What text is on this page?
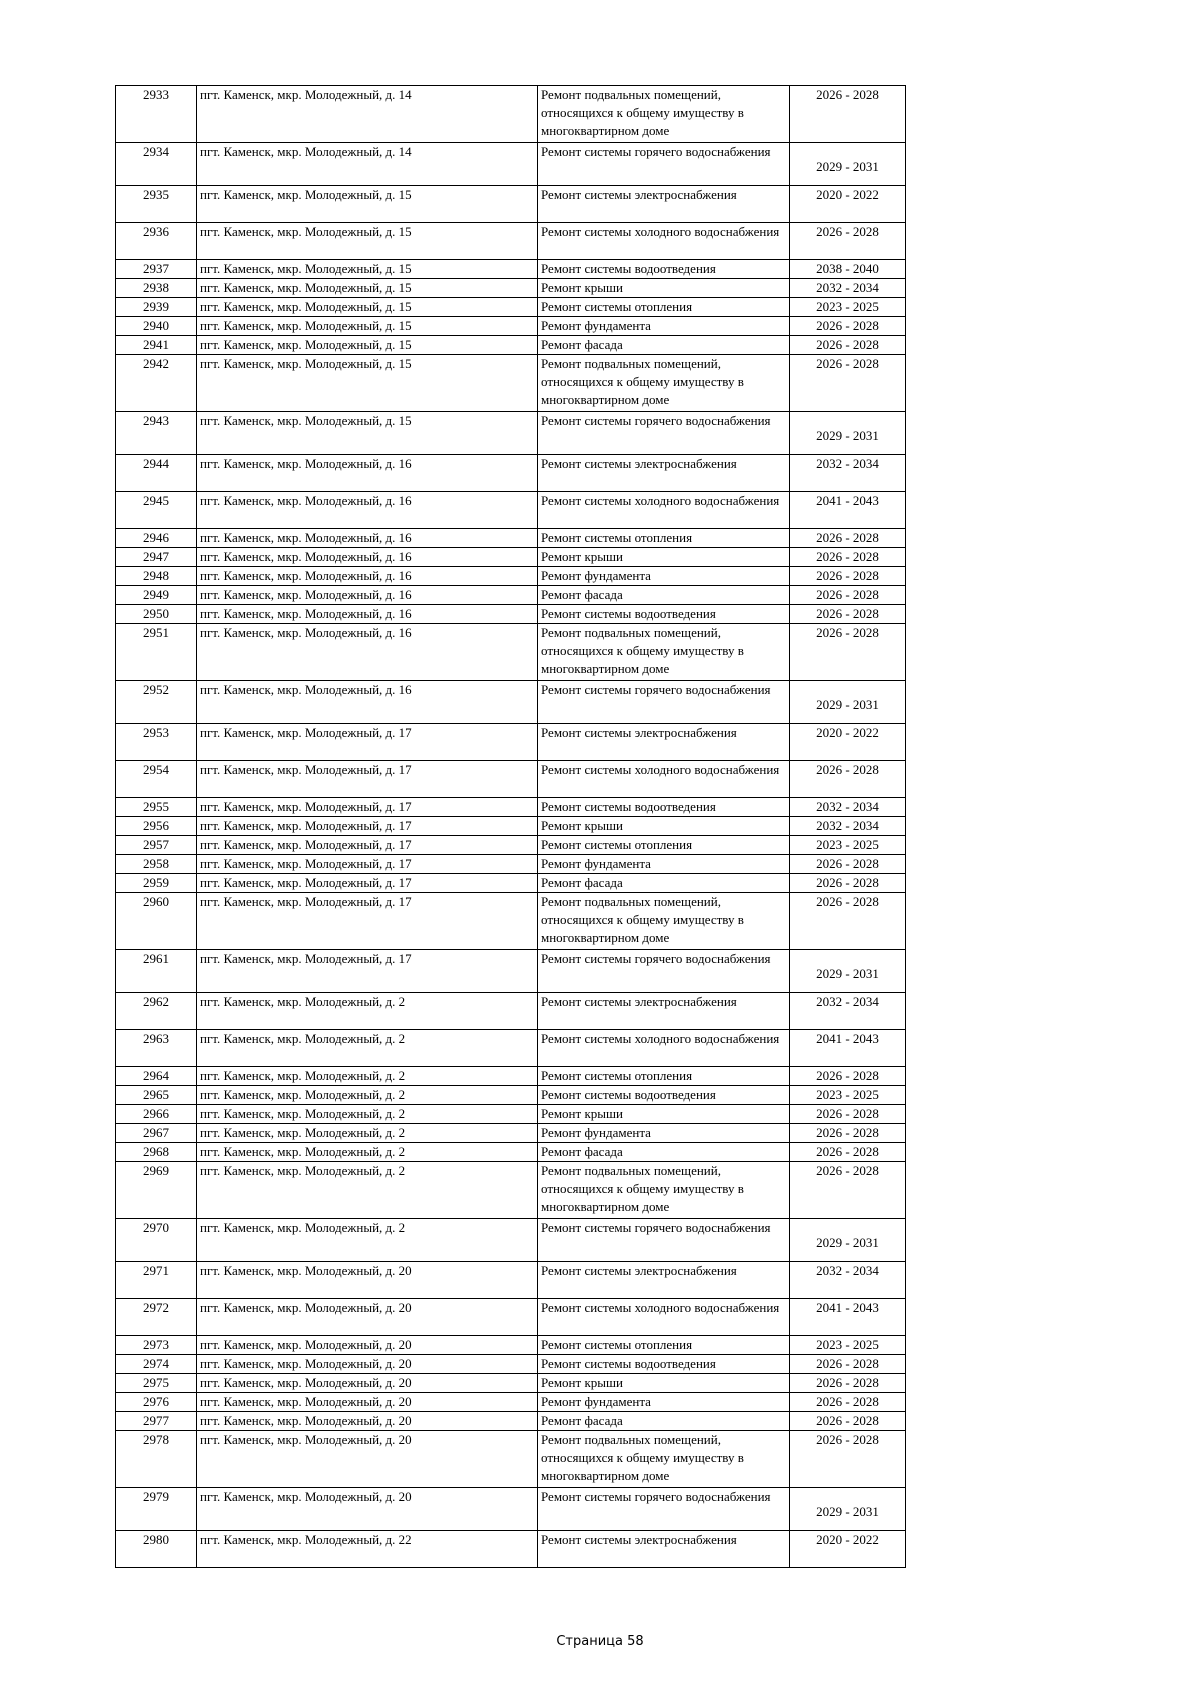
2933	пгт. Каменск, мкр. Молодежный, д. 14	Ремонт подвальных помещений, относящихся к общему имуществу в многоквартирном доме	2026 - 2028
2934	пгт. Каменск, мкр. Молодежный, д. 14	Ремонт системы горячего водоснабжения	2029 - 2031
2935	пгт. Каменск, мкр. Молодежный, д. 15	Ремонт системы электроснабжения	2020 - 2022
2936	пгт. Каменск, мкр. Молодежный, д. 15	Ремонт системы холодного водоснабжения	2026 - 2028
2937	пгт. Каменск, мкр. Молодежный, д. 15	Ремонт системы водоотведения	2038 - 2040
2938	пгт. Каменск, мкр. Молодежный, д. 15	Ремонт крыши	2032 - 2034
2939	пгт. Каменск, мкр. Молодежный, д. 15	Ремонт системы отопления	2023 - 2025
2940	пгт. Каменск, мкр. Молодежный, д. 15	Ремонт фундамента	2026 - 2028
2941	пгт. Каменск, мкр. Молодежный, д. 15	Ремонт фасада	2026 - 2028
2942	пгт. Каменск, мкр. Молодежный, д. 15	Ремонт подвальных помещений, относящихся к общему имуществу в многоквартирном доме	2026 - 2028
2943	пгт. Каменск, мкр. Молодежный, д. 15	Ремонт системы горячего водоснабжения	2029 - 2031
2944	пгт. Каменск, мкр. Молодежный, д. 16	Ремонт системы электроснабжения	2032 - 2034
2945	пгт. Каменск, мкр. Молодежный, д. 16	Ремонт системы холодного водоснабжения	2041 - 2043
2946	пгт. Каменск, мкр. Молодежный, д. 16	Ремонт системы отопления	2026 - 2028
2947	пгт. Каменск, мкр. Молодежный, д. 16	Ремонт крыши	2026 - 2028
2948	пгт. Каменск, мкр. Молодежный, д. 16	Ремонт фундамента	2026 - 2028
2949	пгт. Каменск, мкр. Молодежный, д. 16	Ремонт фасада	2026 - 2028
2950	пгт. Каменск, мкр. Молодежный, д. 16	Ремонт системы водоотведения	2026 - 2028
2951	пгт. Каменск, мкр. Молодежный, д. 16	Ремонт подвальных помещений, относящихся к общему имуществу в многоквартирном доме	2026 - 2028
2952	пгт. Каменск, мкр. Молодежный, д. 16	Ремонт системы горячего водоснабжения	2029 - 2031
2953	пгт. Каменск, мкр. Молодежный, д. 17	Ремонт системы электроснабжения	2020 - 2022
2954	пгт. Каменск, мкр. Молодежный, д. 17	Ремонт системы холодного водоснабжения	2026 - 2028
2955	пгт. Каменск, мкр. Молодежный, д. 17	Ремонт системы водоотведения	2032 - 2034
2956	пгт. Каменск, мкр. Молодежный, д. 17	Ремонт крыши	2032 - 2034
2957	пгт. Каменск, мкр. Молодежный, д. 17	Ремонт системы отопления	2023 - 2025
2958	пгт. Каменск, мкр. Молодежный, д. 17	Ремонт фундамента	2026 - 2028
2959	пгт. Каменск, мкр. Молодежный, д. 17	Ремонт фасада	2026 - 2028
2960	пгт. Каменск, мкр. Молодежный, д. 17	Ремонт подвальных помещений, относящихся к общему имуществу в многоквартирном доме	2026 - 2028
2961	пгт. Каменск, мкр. Молодежный, д. 17	Ремонт системы горячего водоснабжения	2029 - 2031
2962	пгт. Каменск, мкр. Молодежный, д. 2	Ремонт системы электроснабжения	2032 - 2034
2963	пгт. Каменск, мкр. Молодежный, д. 2	Ремонт системы холодного водоснабжения	2041 - 2043
2964	пгт. Каменск, мкр. Молодежный, д. 2	Ремонт системы отопления	2026 - 2028
2965	пгт. Каменск, мкр. Молодежный, д. 2	Ремонт системы водоотведения	2023 - 2025
2966	пгт. Каменск, мкр. Молодежный, д. 2	Ремонт крыши	2026 - 2028
2967	пгт. Каменск, мкр. Молодежный, д. 2	Ремонт фундамента	2026 - 2028
2968	пгт. Каменск, мкр. Молодежный, д. 2	Ремонт фасада	2026 - 2028
2969	пгт. Каменск, мкр. Молодежный, д. 2	Ремонт подвальных помещений, относящихся к общему имуществу в многоквартирном доме	2026 - 2028
2970	пгт. Каменск, мкр. Молодежный, д. 2	Ремонт системы горячего водоснабжения	2029 - 2031
2971	пгт. Каменск, мкр. Молодежный, д. 20	Ремонт системы электроснабжения	2032 - 2034
2972	пгт. Каменск, мкр. Молодежный, д. 20	Ремонт системы холодного водоснабжения	2041 - 2043
2973	пгт. Каменск, мкр. Молодежный, д. 20	Ремонт системы отопления	2023 - 2025
2974	пгт. Каменск, мкр. Молодежный, д. 20	Ремонт системы водоотведения	2026 - 2028
2975	пгт. Каменск, мкр. Молодежный, д. 20	Ремонт крыши	2026 - 2028
2976	пгт. Каменск, мкр. Молодежный, д. 20	Ремонт фундамента	2026 - 2028
2977	пгт. Каменск, мкр. Молодежный, д. 20	Ремонт фасада	2026 - 2028
2978	пгт. Каменск, мкр. Молодежный, д. 20	Ремонт подвальных помещений, относящихся к общему имуществу в многоквартирном доме	2026 - 2028
2979	пгт. Каменск, мкр. Молодежный, д. 20	Ремонт системы горячего водоснабжения	2029 - 2031
2980	пгт. Каменск, мкр. Молодежный, д. 22	Ремонт системы электроснабжения	2020 - 2022
Страница 58
